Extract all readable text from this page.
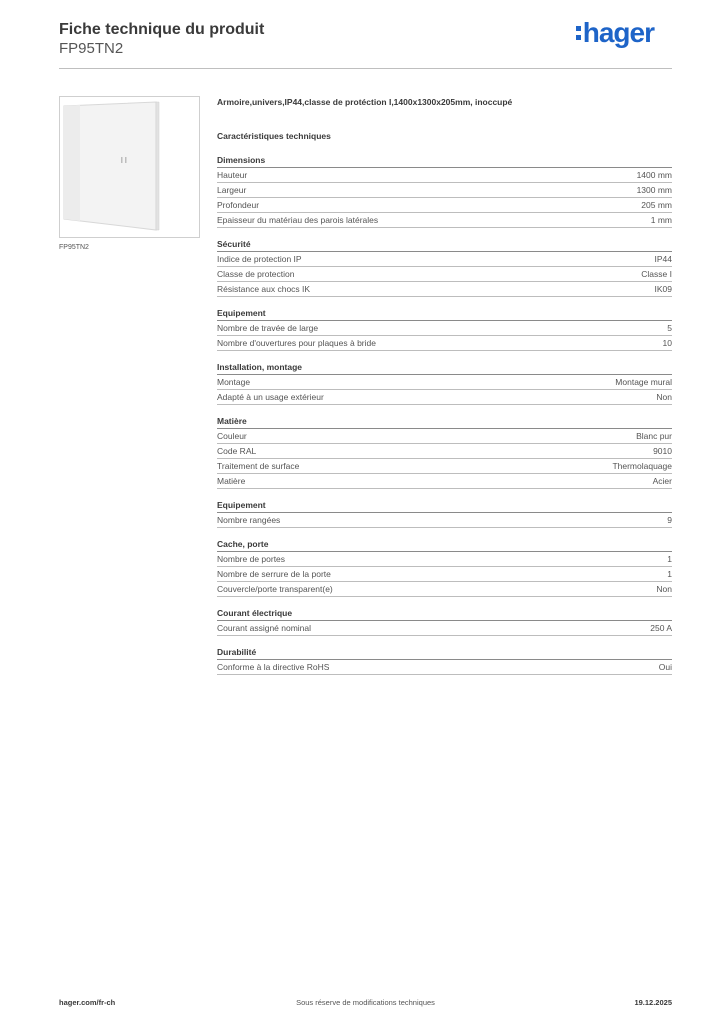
Fiche technique du produit
FP95TN2
hager
FP95TN2
Armoire,univers,IP44,classe de protéction I,1400x1300x205mm, inoccupé
Caractéristiques techniques
Dimensions
Hauteur	1400 mm
Largeur	1300 mm
Profondeur	205 mm
Epaisseur du matériau des parois latérales	1 mm
Sécurité
Indice de protection IP	IP44
Classe de protection	Classe I
Résistance aux chocs IK	IK09
Equipement
Nombre de travée de large	5
Nombre d'ouvertures pour plaques à bride	10
Installation, montage
Montage	Montage mural
Adapté à un usage extérieur	Non
Matière
Couleur	Blanc pur
Code RAL	9010
Traitement de surface	Thermolaquage
Matière	Acier
Equipement
Nombre rangées	9
Cache, porte
Nombre de portes	1
Nombre de serrure de la porte	1
Couvercle/porte transparent(e)	Non
Courant électrique
Courant assigné nominal	250 A
Durabilité
Conforme à la directive RoHS	Oui
hager.com/fr-ch	Sous réserve de modifications techniques	19.12.2025
